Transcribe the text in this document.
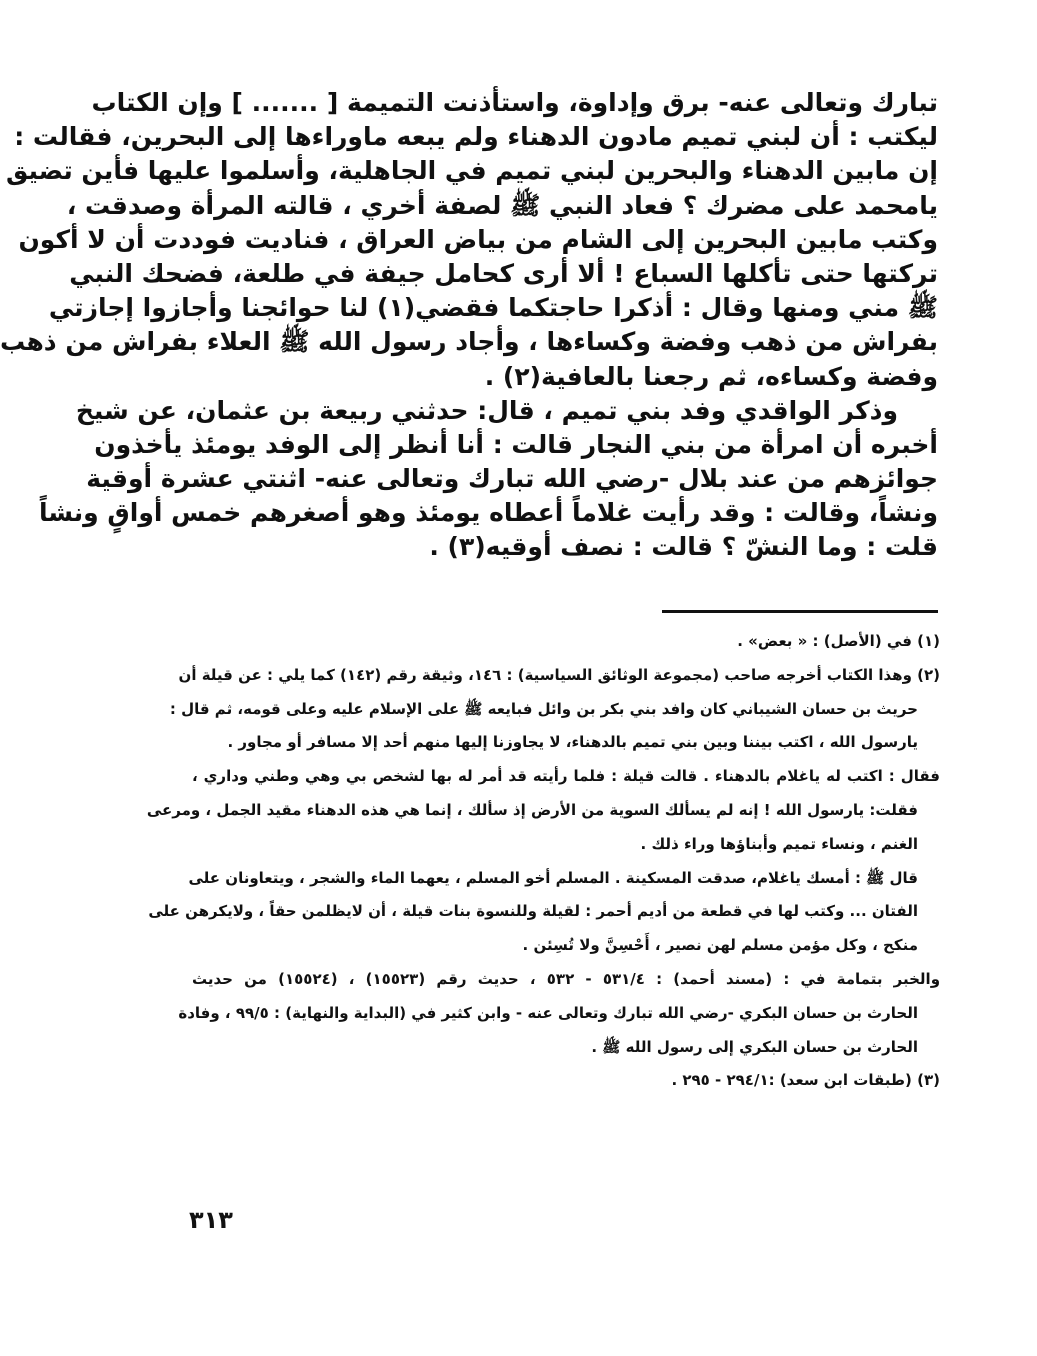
تبارك وتعالى عنه- برق وإداوة، واستأذنت التميمة [ ....... ] وإن الكتاب
ليكتب : أن لبني تميم مادون الدهناء ولم يبعه ماوراءها إلى البحرين، فقالت :
إن مابين الدهناء والبحرين لبني تميم في الجاهلية، وأسلموا عليها فأين تضيق
يامحمد على مضرك ؟ فعاد النبي ﷺ لصفة أخري ، قالته المرأة وصدقت ،
وكتب مابين البحرين إلى الشام من بياض العراق ، فناديت فوددت أن لا أكون
تركتها حتى تأكلها السباع ! ألا أرى كحامل جيفة في طلعة، فضحك النبي
ﷺ مني ومنها وقال : أذكرا حاجتكما فقضي(١) لنا حوائجنا وأجازوا إجازتي
بفراش من ذهب وفضة وكساءها ، وأجاد رسول الله ﷺ العلاء بفراش من ذهب
وفضة وكساءه، ثم رجعنا بالعافية(٢) .
وذكر الواقدي وفد بني تميم ، قال: حدثني ربيعة بن عثمان، عن شيخ
أخبره أن امرأة من بني النجار قالت : أنا أنظر إلى الوفد يومئذ يأخذون
جوائزهم من عند بلال -رضي الله تبارك وتعالى عنه- اثنتي عشرة أوقية
ونشاً، وقالت : وقد رأيت غلاماً أعطاه يومئذ وهو أصغرهم خمس أواقٍ ونشاً
قلت : وما النشّ ؟ قالت : نصف أوقيه(٣) .
(١) في (الأصل) : « بعض» .
(٢) وهذا الكتاب أخرجه صاحب (مجموعة الوثائق السياسية) : ١٤٦، وثيقة رقم (١٤٢) كما يلي : عن قيلة أن
حريث بن حسان الشيباني كان وافد بني بكر بن وائل فبايعه ﷺ على الإسلام عليه وعلى قومه، ثم قال :
يارسول الله ، اكتب بيننا وبين بني تميم بالدهناء، لا يجاوزنا إليها منهم أحد إلا مسافر أو مجاور .
فقال : اكتب له ياغلام بالدهناء . قالت قيلة : فلما رأيته قد أمر له بها لشخص بي وهي وطني وداري ،
فقلت: يارسول الله ! إنه لم يسألك السوية من الأرض إذ سألك ، إنما هي هذه الدهناء مقيد الجمل ، ومرعى
الغنم ، ونساء تميم وأبناؤها وراء ذلك .
قال ﷺ : أمسك ياغلام، صدقت المسكينة . المسلم أخو المسلم ، يعهما الماء والشجر ، ويتعاونان على
الفتان ... وكتب لها في قطعة من أديم أحمر : لقيلة وللنسوة بنات قيلة ، أن لايظلمن حقاً ، ولايكرهن على
منكح ، وكل مؤمن مسلم لهن نصير ، أَحْسِنَّ ولا تُسِئن .
والخبر بتمامة في : (مسند أحمد) : ٥٣١/٤ - ٥٣٢ ، حديث رقم (١٥٥٢٣) ، (١٥٥٢٤) من حديث
الحارث بن حسان البكري -رضي الله تبارك وتعالى عنه - وابن كثير في (البداية والنهاية) : ٩٩/٥ ، وفادة
الحارث بن حسان البكري إلى رسول الله ﷺ .
(٣) (طبقات ابن سعد) :٢٩٤/١ - ٢٩٥ .
٣١٣
